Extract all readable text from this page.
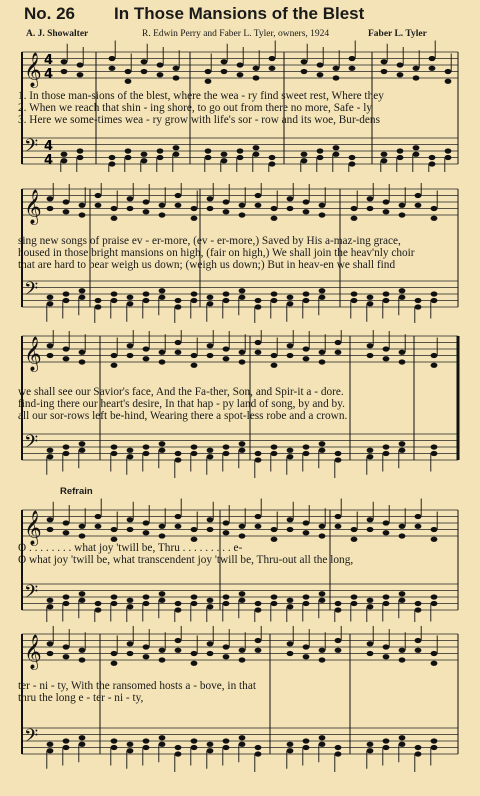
No. 26 In Those Mansions of the Blest
A. J. Showalter	R. Edwin Perry and Faber L. Tyler, owners, 1924	Faber L. Tyler
𝄞 4
4
𝄢 4
4
1. In those man-sions of the blest, where the wea - ry find sweet rest, Where they
2. When we reach that shin - ing shore, to go out from there no more, Safe - ly
3. Here we some-times wea - ry grow with life's sor - row and its woe, Bur-dens
𝄞
𝄢
sing new songs of praise ev - er-more, (ev - er-more,) Saved by His a-maz-ing grace,
housed in those bright mansions on high, (fair on high,) We shall join the heav'nly choir
that are hard to bear weigh us down; (weigh us down;) But in heav-en we shall find
𝄞
𝄢
we shall see our Savior's face, And the Fa-ther, Son, and Spir-it a - dore.
find-ing there our heart's desire, In that hap - py land of song, by and by.
all our sor-rows left be-hind, Wearing there a spot-less robe and a crown.
Refrain
𝄞
𝄢
O . . . . . . . . what joy 'twill be, Thru . . . . . . . . . e-
O what joy 'twill be, what transcendent joy 'twill be, Thru-out all the long,
𝄞
𝄢
ter - ni - ty, With the ransomed hosts a - bove, in that
thru the long e - ter - ni - ty,
